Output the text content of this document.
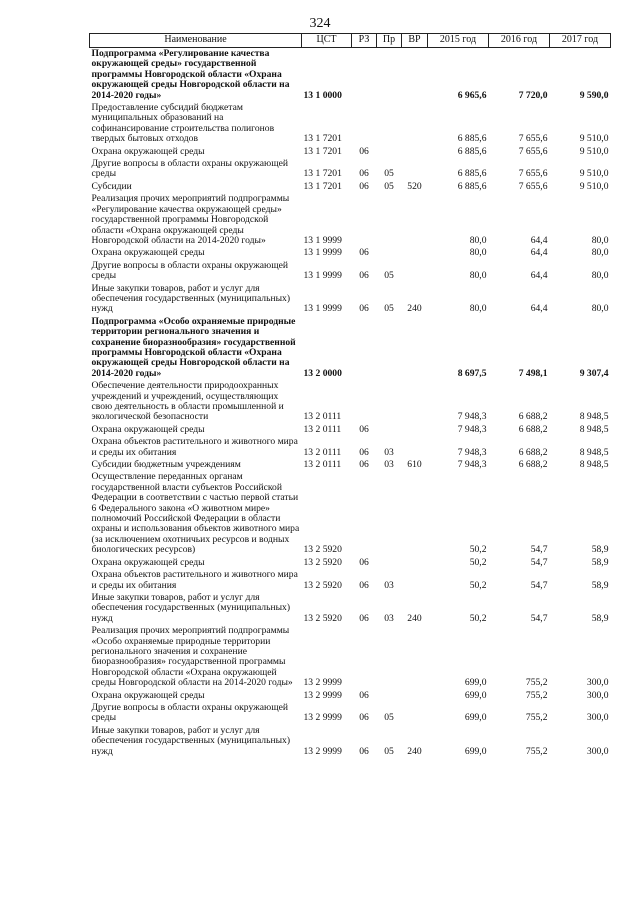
324
Наименование	ЦСТ	РЗ	Пр	ВР	2015 год	2016 год	2017 год
Подпрограмма «Регулирование качества окружающей среды» государственной программы Новгородской области «Охрана окружающей среды Новгородской области на 2014-2020 годы»	13 1 0000				6 965,6	7 720,0	9 590,0
Предоставление субсидий бюджетам муниципальных образований на софинансирование строительства полигонов твердых бытовых отходов	13 1 7201				6 885,6	7 655,6	9 510,0
Охрана окружающей среды	13 1 7201	06			6 885,6	7 655,6	9 510,0
Другие вопросы в области охраны окружающей среды	13 1 7201	06	05		6 885,6	7 655,6	9 510,0
Субсидии	13 1 7201	06	05	520	6 885,6	7 655,6	9 510,0
Реализация прочих мероприятий подпрограммы «Регулирование качества окружающей среды» государственной программы Новгородской области «Охрана окружающей среды Новгородской области на 2014-2020 годы»	13 1 9999				80,0	64,4	80,0
Охрана окружающей среды	13 1 9999	06			80,0	64,4	80,0
Другие вопросы в области охраны окружающей среды	13 1 9999	06	05		80,0	64,4	80,0
Иные закупки товаров, работ и услуг для обеспечения государственных (муниципальных) нужд	13 1 9999	06	05	240	80,0	64,4	80,0
Подпрограмма «Особо охраняемые природные территории регионального значения и сохранение биоразнообразия» государственной программы Новгородской области «Охрана окружающей среды Новгородской области на 2014-2020 годы»	13 2 0000				8 697,5	7 498,1	9 307,4
Обеспечение деятельности природоохранных учреждений и учреждений, осуществляющих свою деятельность в области промышленной и экологической безопасности	13 2 0111				7 948,3	6 688,2	8 948,5
Охрана окружающей среды	13 2 0111	06			7 948,3	6 688,2	8 948,5
Охрана объектов растительного и животного мира и среды их обитания	13 2 0111	06	03		7 948,3	6 688,2	8 948,5
Субсидии бюджетным учреждениям	13 2 0111	06	03	610	7 948,3	6 688,2	8 948,5
Осуществление переданных органам государственной власти субъектов Российской Федерации в соответствии с частью первой статьи 6 Федерального закона «О животном мире» полномочий Российской Федерации в области охраны и использования объектов животного мира (за исключением охотничьих ресурсов и водных биологических ресурсов)	13 2 5920				50,2	54,7	58,9
Охрана окружающей среды	13 2 5920	06			50,2	54,7	58,9
Охрана объектов растительного и животного мира и среды их обитания	13 2 5920	06	03		50,2	54,7	58,9
Иные закупки товаров, работ и услуг для обеспечения государственных (муниципальных) нужд	13 2 5920	06	03	240	50,2	54,7	58,9
Реализация прочих мероприятий подпрограммы «Особо охраняемые природные территории регионального значения и сохранение биоразнообразия» государственной программы Новгородской области «Охрана окружающей среды Новгородской области на 2014-2020 годы»	13 2 9999				699,0	755,2	300,0
Охрана окружающей среды	13 2 9999	06			699,0	755,2	300,0
Другие вопросы в области охраны окружающей среды	13 2 9999	06	05		699,0	755,2	300,0
Иные закупки товаров, работ и услуг для обеспечения государственных (муниципальных) нужд	13 2 9999	06	05	240	699,0	755,2	300,0
